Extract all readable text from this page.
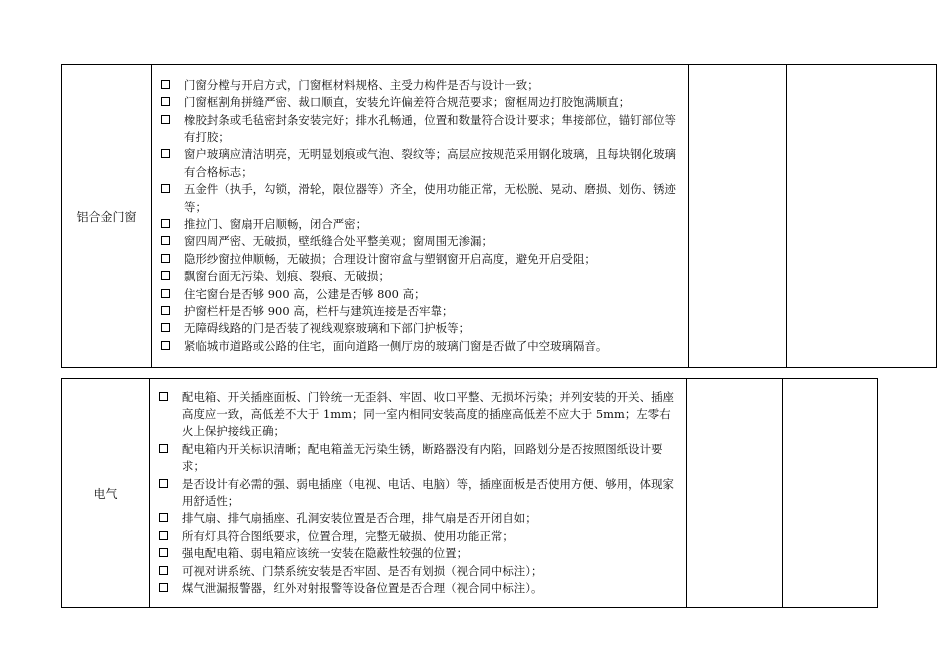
铝合金门窗	
门窗分樘与开启方式，门窗框材料规格、主受力构件是否与设计一致；
门窗框割角拼缝严密、裁口顺直，安装允许偏差符合规范要求；窗框周边打胶饱满顺直；
橡胶封条或毛毡密封条安装完好；排水孔畅通，位置和数量符合设计要求；隼接部位，锚钉部位等有打胶；
窗户玻璃应清洁明亮，无明显划痕或气泡、裂纹等；高层应按规范采用钢化玻璃，且每块钢化玻璃有合格标志；
五金件（执手，勾锁，滑轮，限位器等）齐全，使用功能正常，无松脱、晃动、磨损、划伤、锈迹等；
推拉门、窗扇开启顺畅，闭合严密；
窗四周严密、无破损，壁纸缝合处平整美观；窗周围无渗漏；
隐形纱窗拉伸顺畅，无破损；合理设计窗帘盒与塑钢窗开启高度，避免开启受阻；
飘窗台面无污染、划痕、裂痕、无破损；
住宅窗台是否够 900 高，公建是否够 800 高；
护窗栏杆是否够 900 高，栏杆与建筑连接是否牢靠；
无障碍线路的门是否装了视线观察玻璃和下部门护板等；
紧临城市道路或公路的住宅，面向道路一侧厅房的玻璃门窗是否做了中空玻璃隔音。

电气	
配电箱、开关插座面板、门铃统一无歪斜、牢固、收口平整、无损坏污染；并列安装的开关、插座高度应一致，高低差不大于 1mm；同一室内相同安装高度的插座高低差不应大于 5mm；左零右火上保护接线正确；
配电箱内开关标识清晰；配电箱盖无污染生锈，断路器没有内陷，回路划分是否按照图纸设计要求；
是否设计有必需的强、弱电插座（电视、电话、电脑）等，插座面板是否使用方便、够用，体现家用舒适性；
排气扇、排气扇插座、孔洞安装位置是否合理，排气扇是否开闭自如；
所有灯具符合图纸要求，位置合理，完整无破损、使用功能正常；
强电配电箱、弱电箱应该统一安装在隐蔽性较强的位置；
可视对讲系统、门禁系统安装是否牢固、是否有划损（视合同中标注）；
煤气泄漏报警器，红外对射报警等设备位置是否合理（视合同中标注）。
